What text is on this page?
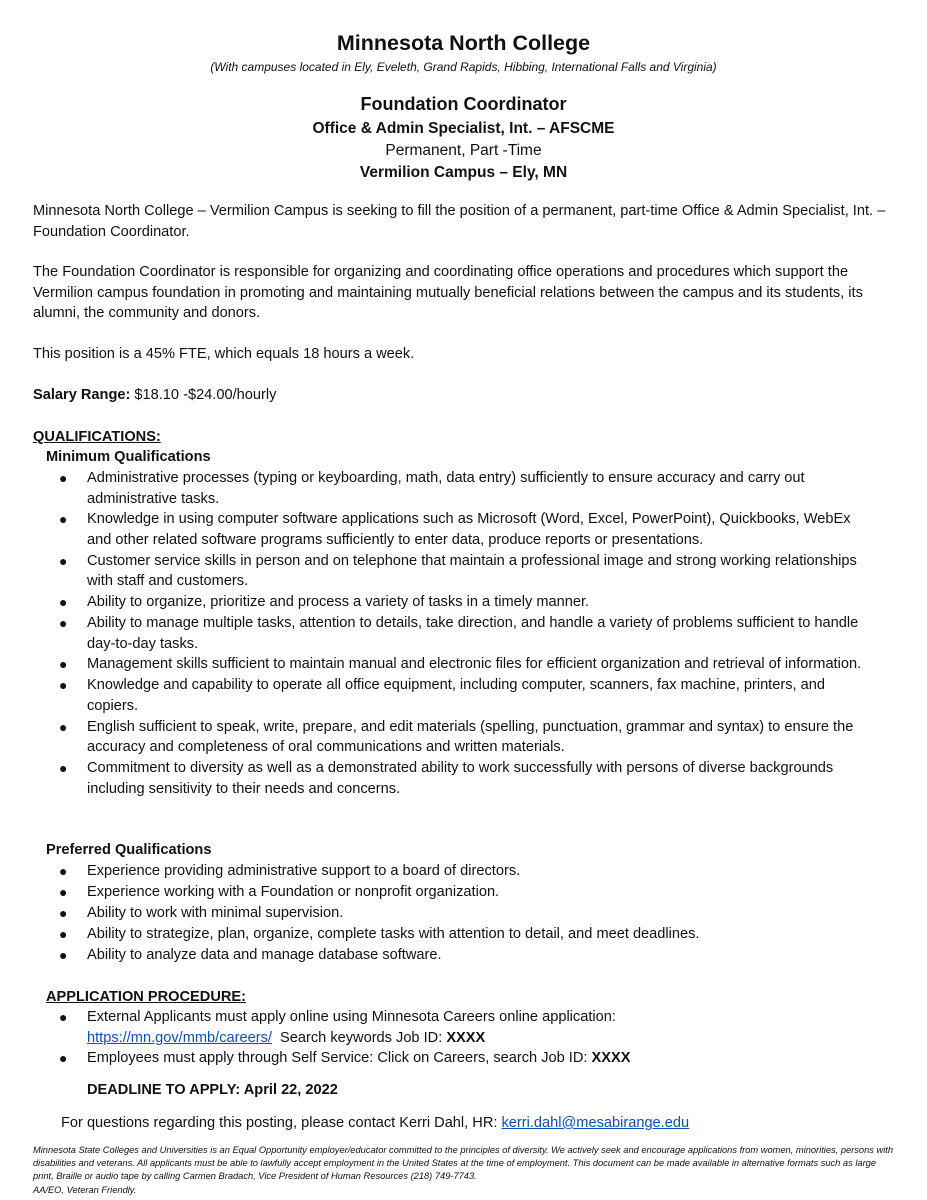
Minnesota North College
(With campuses located in Ely, Eveleth, Grand Rapids, Hibbing, International Falls and Virginia)
Foundation Coordinator
Office & Admin Specialist, Int. – AFSCME
Permanent, Part -Time
Vermilion Campus – Ely, MN
Minnesota North College – Vermilion Campus is seeking to fill the position of a permanent, part-time Office & Admin Specialist, Int. – Foundation Coordinator.
The Foundation Coordinator is responsible for organizing and coordinating office operations and procedures which support the Vermilion campus foundation in promoting and maintaining mutually beneficial relations between the campus and its students, its alumni, the community and donors.
This position is a 45% FTE, which equals 18 hours a week.
Salary Range: $18.10 -$24.00/hourly
QUALIFICATIONS:
Minimum Qualifications
● Administrative processes (typing or keyboarding, math, data entry) sufficiently to ensure accuracy and carry out administrative tasks.
● Knowledge in using computer software applications such as Microsoft (Word, Excel, PowerPoint), Quickbooks, WebEx and other related software programs sufficiently to enter data, produce reports or presentations.
● Customer service skills in person and on telephone that maintain a professional image and strong working relationships with staff and customers.
● Ability to organize, prioritize and process a variety of tasks in a timely manner.
● Ability to manage multiple tasks, attention to details, take direction, and handle a variety of problems sufficient to handle day-to-day tasks.
● Management skills sufficient to maintain manual and electronic files for efficient organization and retrieval of information.
● Knowledge and capability to operate all office equipment, including computer, scanners, fax machine, printers, and copiers.
● English sufficient to speak, write, prepare, and edit materials (spelling, punctuation, grammar and syntax) to ensure the accuracy and completeness of oral communications and written materials.
● Commitment to diversity as well as a demonstrated ability to work successfully with persons of diverse backgrounds including sensitivity to their needs and concerns.
Preferred Qualifications
● Experience providing administrative support to a board of directors.
● Experience working with a Foundation or nonprofit organization.
● Ability to work with minimal supervision.
● Ability to strategize, plan, organize, complete tasks with attention to detail, and meet deadlines.
● Ability to analyze data and manage database software.
APPLICATION PROCEDURE:
● External Applicants must apply online using Minnesota Careers online application:
https://mn.gov/mmb/careers/  Search keywords Job ID: XXXX
● Employees must apply through Self Service: Click on Careers, search Job ID: XXXX
DEADLINE TO APPLY: April 22, 2022
For questions regarding this posting, please contact Kerri Dahl, HR: kerri.dahl@mesabirange.edu
Minnesota State Colleges and Universities is an Equal Opportunity employer/educator committed to the principles of diversity. We actively seek and encourage applications from women, minorities, persons with disabilities and veterans. All applicants must be able to lawfully accept employment in the United States at the time of employment. This document can be made available in alternative formats such as large print, Braille or audio tape by calling Carmen Bradach, Vice President of Human Resources (218) 749-7743.
AA/EO, Veteran Friendly.
